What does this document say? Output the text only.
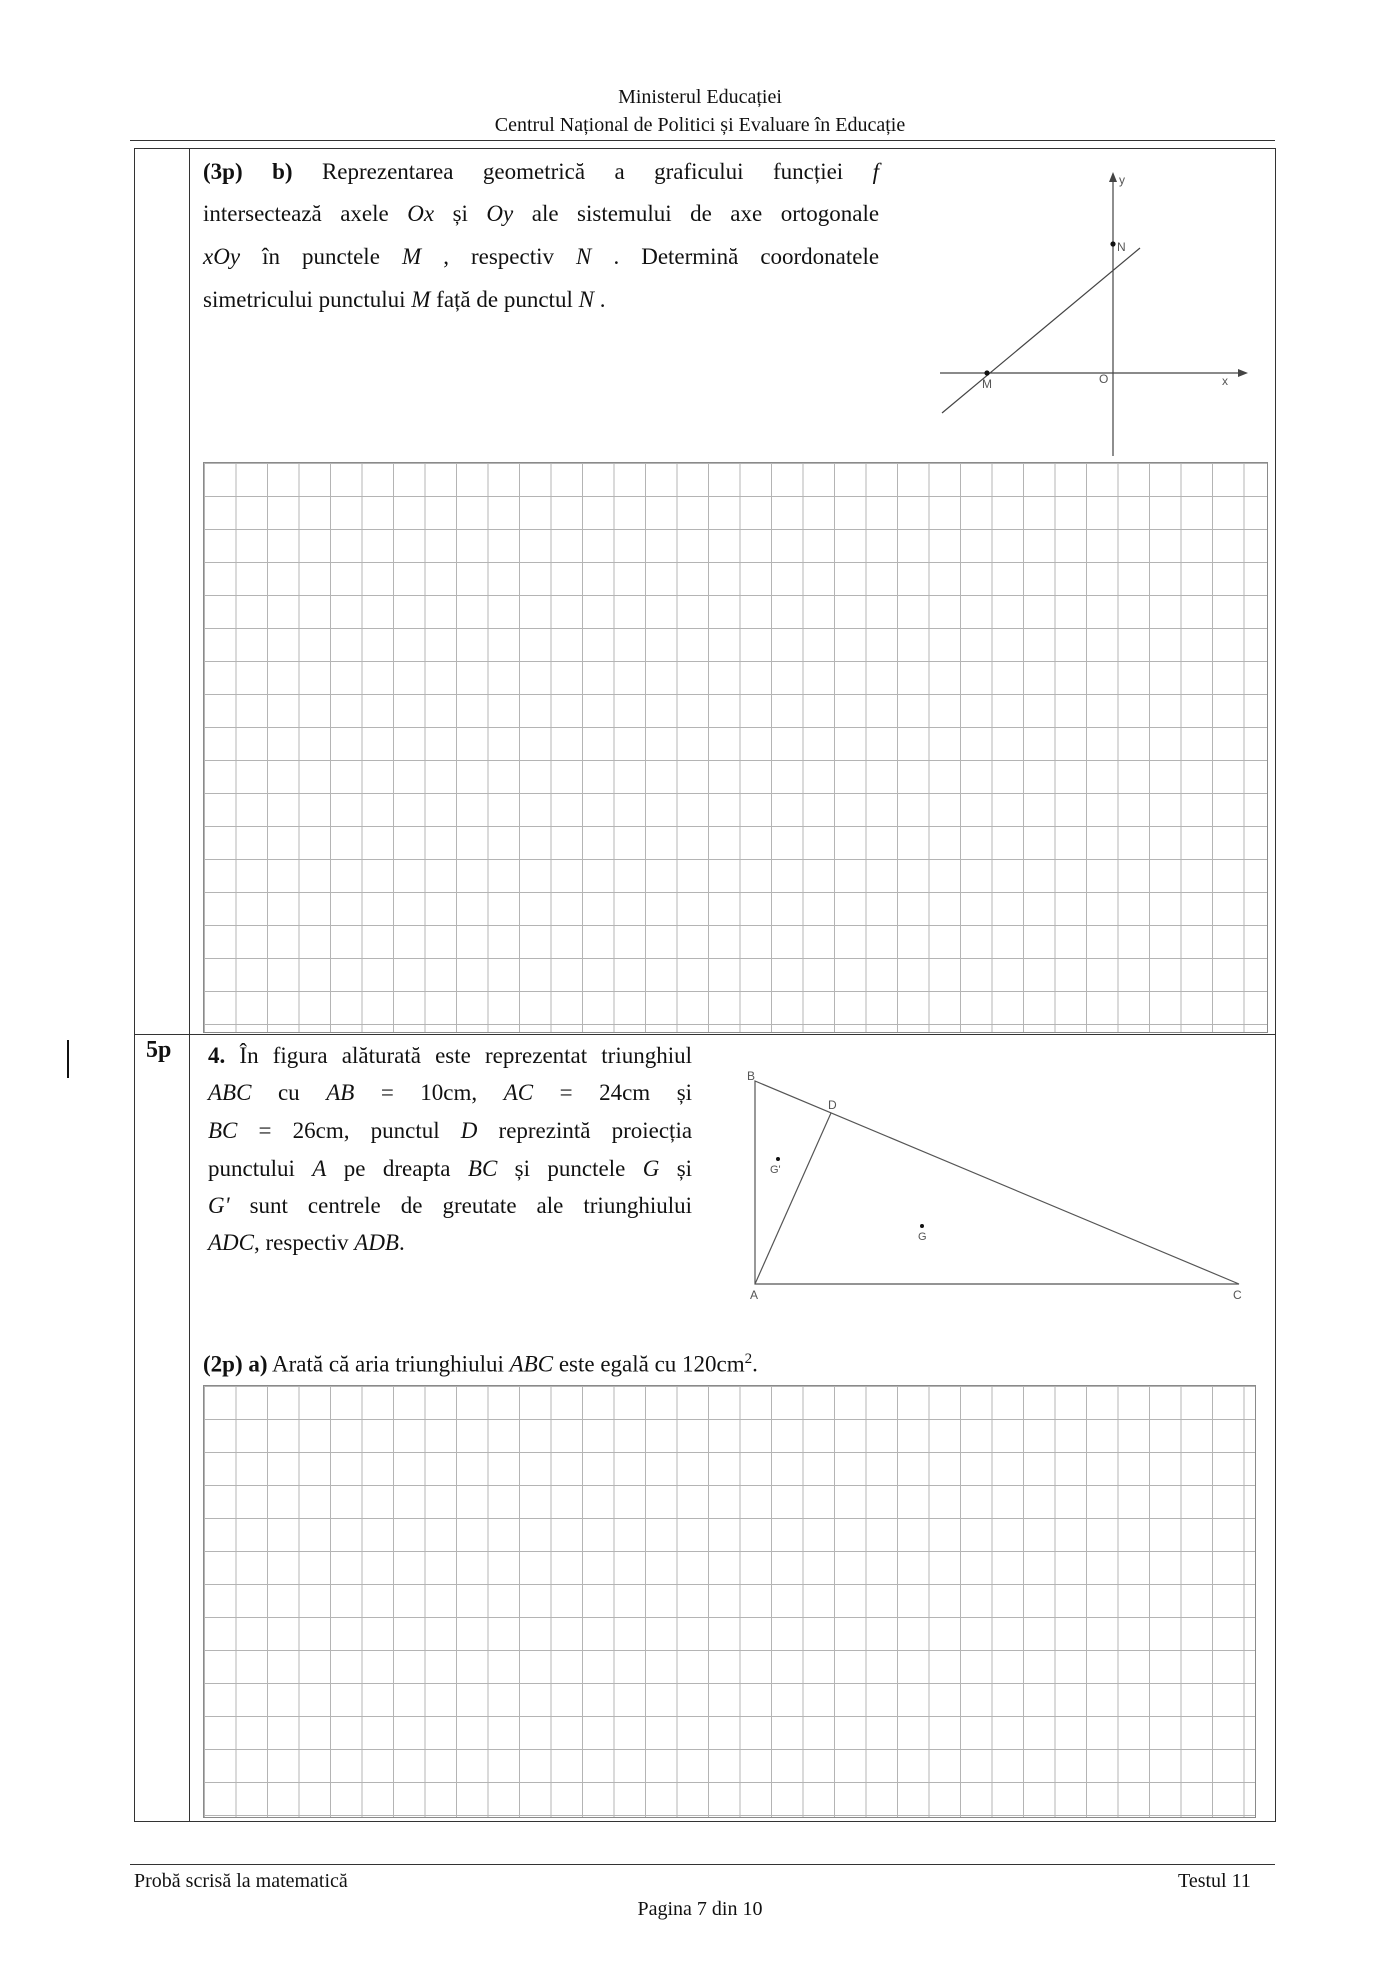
Ministerul Educației
Centrul Național de Politici și Evaluare în Educație
(3p) b) Reprezentarea geometrică a graficului funcției f
intersectează axele Ox și Oy ale sistemului de axe ortogonale
xOy în punctele M , respectiv N . Determină coordonatele
simetricului punctului M față de punctul N .
y
N
M	O	x
5p 4. În figura alăturată este reprezentat triunghiul
ABC cu AB = 10cm, AC = 24cm și
BC = 26cm, punctul D reprezintă proiecția
punctului A pe dreapta BC și punctele G și
G' sunt centrele de greutate ale triunghiului
ADC, respectiv ADB.
B
D
G'
G
A	C
(2p) a) Arată că aria triunghiului ABC este egală cu $120cm^2$.
Probă scrisă la matematică	Testul 11
Pagina 7 din 10
